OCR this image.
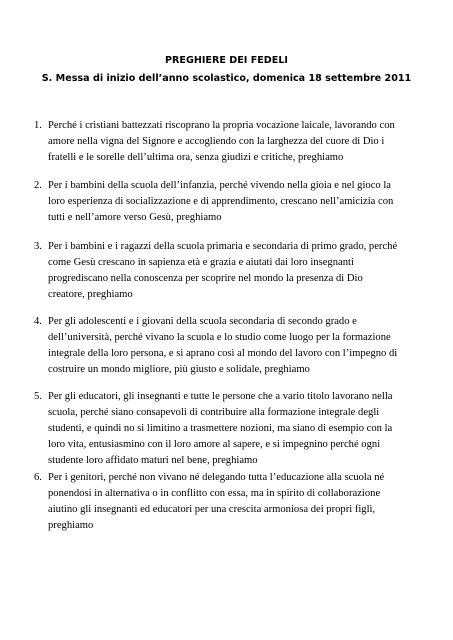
PREGHIERE DEI FEDELI
S. Messa di inizio dell’anno scolastico, domenica 18 settembre 2011
1. Perché i cristiani battezzati riscoprano la propria vocazione laicale, lavorando con
amore nella vigna del Signore e accogliendo con la larghezza del cuore di Dio i
fratelli e le sorelle dell’ultima ora, senza giudizi e critiche, preghiamo
2. Per i bambini della scuola dell’infanzia, perché vivendo nella gioia e nel gioco la
loro esperienza di socializzazione e di apprendimento, crescano nell’amicizia con
tutti e nell’amore verso Gesù, preghiamo
3. Per i bambini e i ragazzi della scuola primaria e secondaria di primo grado, perché
come Gesù crescano in sapienza età e grazia e aiutati dai loro insegnanti
progrediscano nella conoscenza per scoprire nel mondo la presenza di Dio
creatore, preghiamo
4. Per gli adolescenti e i giovani della scuola secondaria di secondo grado e
dell’università, perché vivano la scuola e lo studio come luogo per la formazione
integrale della loro persona, e si aprano così al mondo del lavoro con l’impegno di
costruire un mondo migliore, più giusto e solidale, preghiamo
5. Per gli educatori, gli insegnanti e tutte le persone che a vario titolo lavorano nella
scuola, perché siano consapevoli di contribuire alla formazione integrale degli
studenti, e quindi no si limitino a trasmettere nozioni, ma siano di esempio con la
loro vita, entusiasmino con il loro amore al sapere, e si impegnino perché ogni
studente loro affidato maturi nel bene, preghiamo
6. Per i genitori, perché non vivano né delegando tutta l’educazione alla scuola né
ponendosi in alternativa o in conflitto con essa, ma in spirito di collaborazione
aiutino gli insegnanti ed educatori per una crescita armoniosa dei propri figli,
preghiamo
